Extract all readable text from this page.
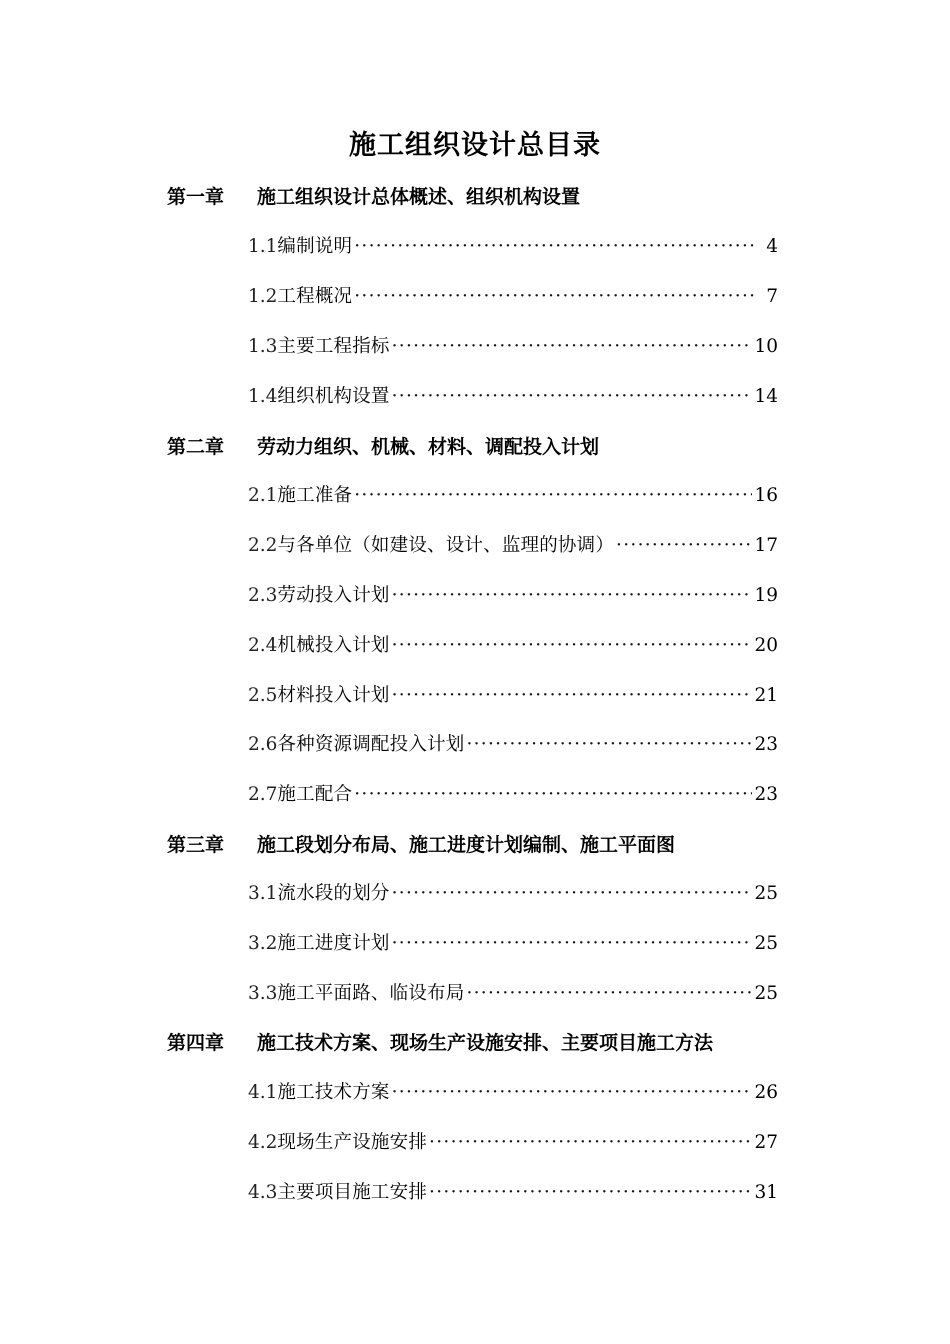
施工组织设计总目录
第一章 施工组织设计总体概述、组织机构设置
1.1 编制说明 ·····	4
1.2 工程概况 ·····	7
1.3 主要工程指标 ·····	10
1.4 组织机构设置 ·····	14
第二章 劳动力组织、机械、材料、调配投入计划
2.1 施工准备 ·····	16
2.2 与各单位（如建设、设计、监理的协调） ·····	17
2.3 劳动投入计划 ·····	19
2.4 机械投入计划 ·····	20
2.5 材料投入计划 ·····	21
2.6 各种资源调配投入计划 ·····	23
2.7 施工配合 ·····	23
第三章 施工段划分布局、施工进度计划编制、施工平面图
3.1 流水段的划分 ·····	25
3.2 施工进度计划 ·····	25
3.3 施工平面路、临设布局 ·····	25
第四章 施工技术方案、现场生产设施安排、主要项目施工方法
4.1 施工技术方案 ·····	26
4.2 现场生产设施安排 ·····	27
4.3 主要项目施工安排 ·····	31
